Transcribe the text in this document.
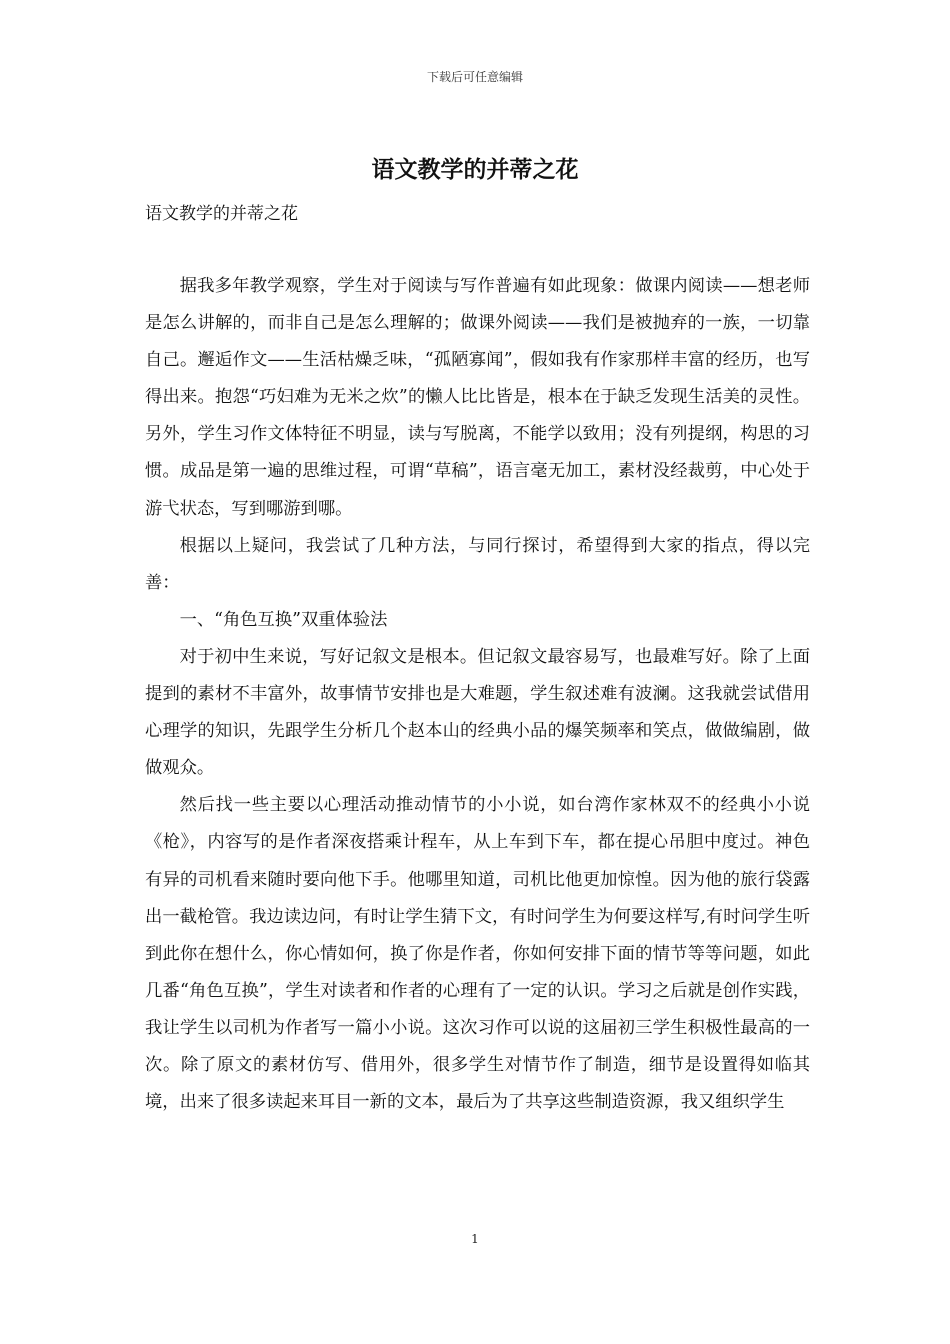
下载后可任意编辑
语文教学的并蒂之花

语文教学的并蒂之花

据我多年教学观察，学生对于阅读与写作普遍有如此现象：做课内阅读——想老师是怎么讲解的，而非自己是怎么理解的；做课外阅读——我们是被抛弃的一族，一切靠自己。邂逅作文——生活枯燥乏味，“孤陋寡闻”，假如我有作家那样丰富的经历，也写得出来。抱怨“巧妇难为无米之炊”的懒人比比皆是，根本在于缺乏发现生活美的灵性。另外，学生习作文体特征不明显，读与写脱离，不能学以致用；没有列提纲，构思的习惯。成品是第一遍的思维过程，可谓“草稿”，语言毫无加工，素材没经裁剪，中心处于游弋状态，写到哪游到哪。

根据以上疑问，我尝试了几种方法，与同行探讨，希望得到大家的指点，得以完善：

一、“角色互换”双重体验法

对于初中生来说，写好记叙文是根本。但记叙文最容易写，也最难写好。除了上面提到的素材不丰富外，故事情节安排也是大难题，学生叙述难有波澜。这我就尝试借用心理学的知识，先跟学生分析几个赵本山的经典小品的爆笑频率和笑点，做做编剧，做做观众。

然后找一些主要以心理活动推动情节的小小说，如台湾作家林双不的经典小小说《枪》，内容写的是作者深夜搭乘计程车，从上车到下车，都在提心吊胆中度过。神色有异的司机看来随时要向他下手。他哪里知道，司机比他更加惊惶。因为他的旅行袋露出一截枪管。我边读边问，有时让学生猜下文，有时问学生为何要这样写,有时问学生听到此你在想什么，你心情如何，换了你是作者，你如何安排下面的情节等等问题，如此几番“角色互换”，学生对读者和作者的心理有了一定的认识。学习之后就是创作实践，我让学生以司机为作者写一篇小小说。这次习作可以说的这届初三学生积极性最高的一次。除了原文的素材仿写、借用外，很多学生对情节作了制造，细节是设置得如临其境，出来了很多读起来耳目一新的文本，最后为了共享这些制造资源，我又组织学生

1
